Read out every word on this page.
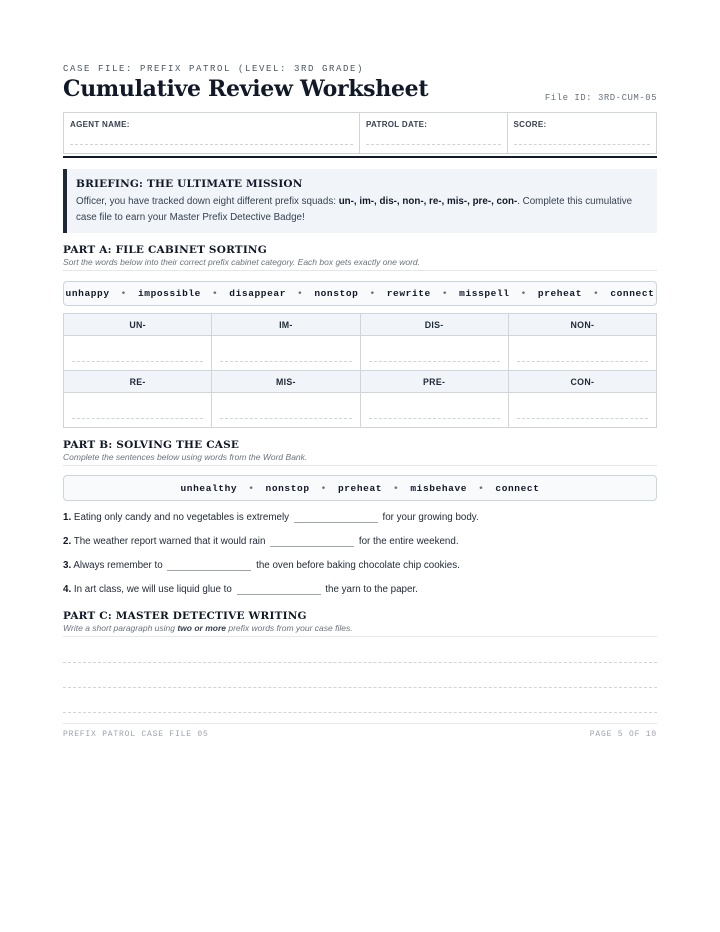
CASE FILE: PREFIX PATROL (LEVEL: 3RD GRADE)
Cumulative Review Worksheet	File ID: 3RD-CUM-05
AGENT NAME:	PATROL DATE:	SCORE:
BRIEFING: THE ULTIMATE MISSION
Officer, you have tracked down eight different prefix squads: un-, im-, dis-, non-, re-, mis-, pre-, con-. Complete this cumulative case file to earn your Master Prefix Detective Badge!
PART A: FILE CABINET SORTING
Sort the words below into their correct prefix cabinet category. Each box gets exactly one word.
unhappy • impossible • disappear • nonstop • rewrite • misspell • preheat • connect
UN-	IM-	DIS-	NON-

RE-	MIS-	PRE-	CON-

PART B: SOLVING THE CASE
Complete the sentences below using words from the Word Bank.
unhealthy • nonstop • preheat • misbehave • connect
1. Eating only candy and no vegetables is extremely	for your growing body.
2. The weather report warned that it would rain	for the entire weekend.
3. Always remember to	the oven before baking chocolate chip cookies.
4. In art class, we will use liquid glue to	the yarn to the paper.
PART C: MASTER DETECTIVE WRITING
Write a short paragraph using two or more prefix words from your case files.
PREFIX PATROL CASE FILE 05	PAGE 5 OF 10
